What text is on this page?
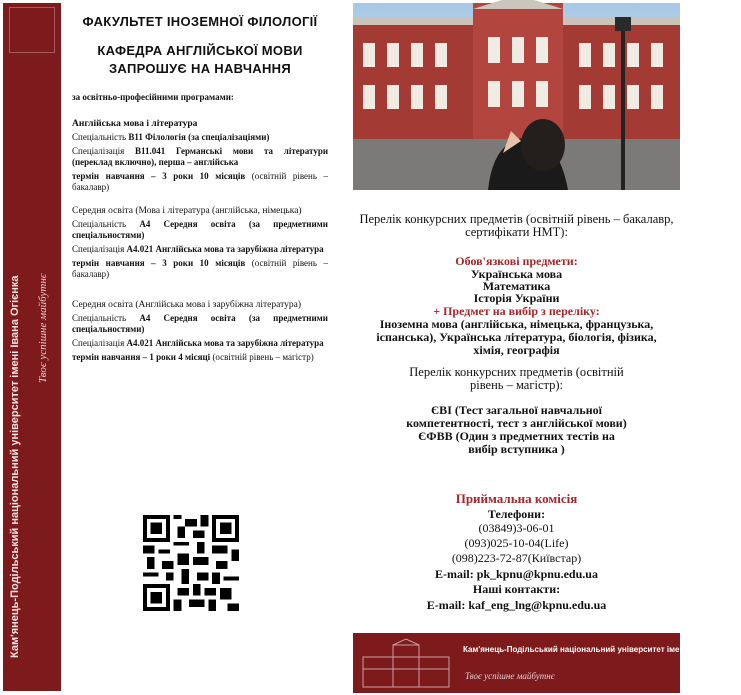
Кам'янець-Подільський національний університет імені Івана Огієнка Твоє успішне майбутнє
ФАКУЛЬТЕТ ІНОЗЕМНОЇ ФІЛОЛОГІЇ
КАФЕДРА АНГЛІЙСЬКОЇ МОВИ ЗАПРОШУЄ НА НАВЧАННЯ
за освітньо-професійними програмами:
Англійська мова і література
Спеціальність В11 Філологія (за спеціалізаціями)
Спеціалізація В11.041 Германські мови та літератури (переклад включно), перша – англійська
термін навчання – 3 роки 10 місяців (освітній рівень – бакалавр)
Середня освіта (Мова і література (англійська, німецька)
Спеціальність А4 Середня освіта (за предметними спеціальностями)
Спеціалізація А4.021 Англійська мова та зарубіжна література
термін навчання – 3 роки 10 місяців (освітній рівень – бакалавр)
Середня освіта (Англійська мова і зарубіжна література)
Спеціальність А4 Середня освіта (за предметними спеціальностями)
Спеціалізація А4.021 Англійська мова та зарубіжна література
термін навчання – 1 роки 4 місяці (освітній рівень – магістр)
Перелік конкурсних предметів (освітній рівень – бакалавр, сертифікати НМТ):
Обов'язкові предмети:
Українська мова
Математика
Історія України
+ Предмет на вибір з переліку:
Іноземна мова (англійська, німецька, французька, іспанська), Українська література, біологія, фізика, хімія, географія
Перелік конкурсних предметів (освітній рівень – магістр):
ЄВІ (Тест загальної навчальної компетентності, тест з англійської мови)
ЄФВВ (Один з предметних тестів на вибір вступника )
Приймальна комісія
Телефони:
(03849)3-06-01
(093)025-10-04(Life)
(098)223-72-87(Київстар)
E-mail: pk_kpnu@kpnu.edu.ua
Наші контакти:
E-mail: kaf_eng_lng@kpnu.edu.ua
Кам'янець-Подільський національний університет імені Івана Огієнка
Твоє успішне майбутнє
